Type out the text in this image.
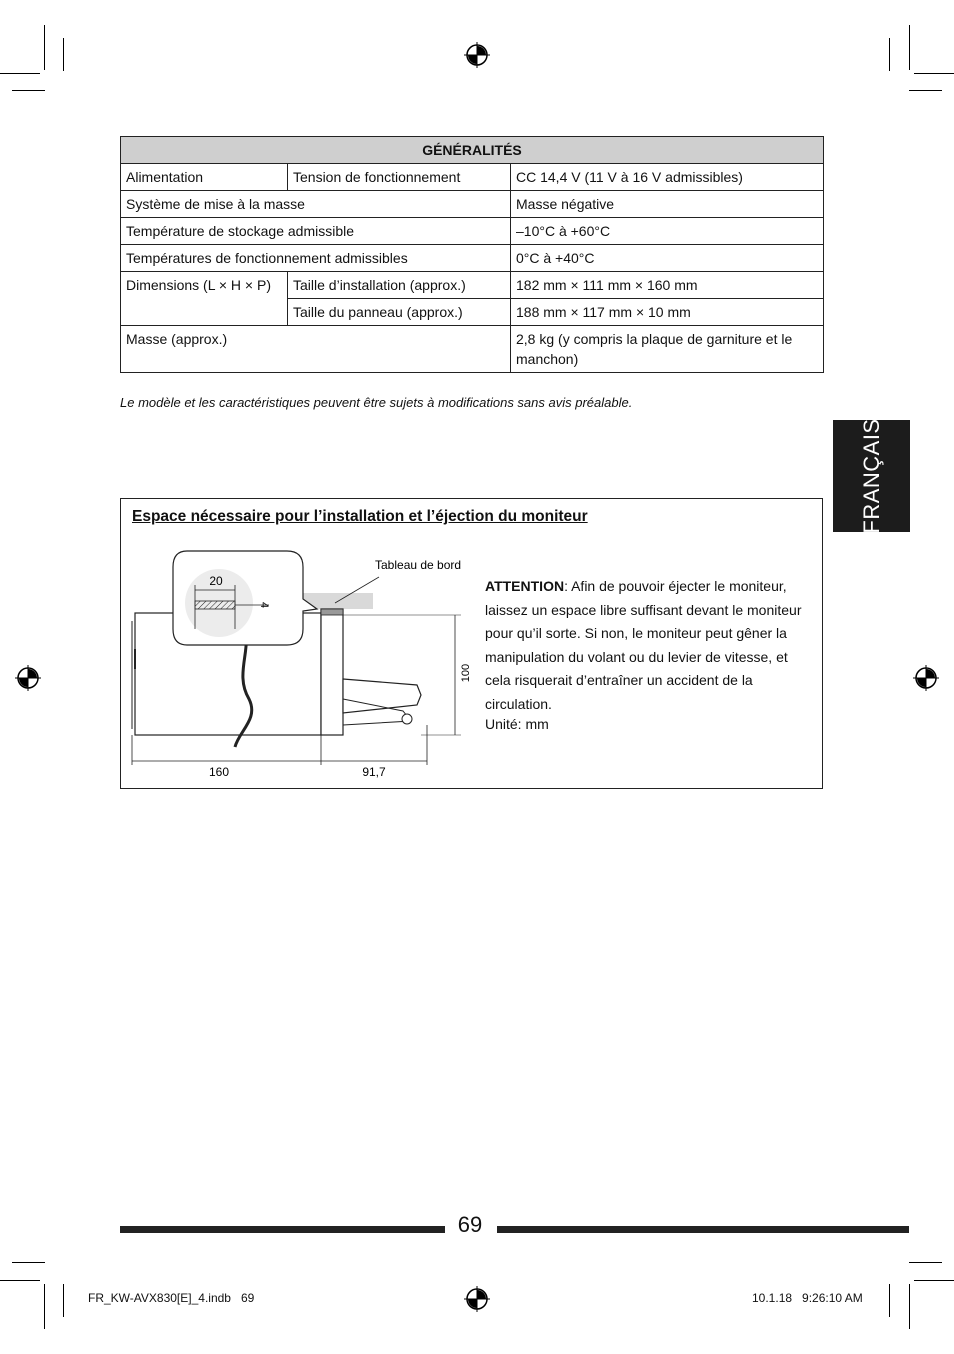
GÉNÉRALITÉS		
Alimentation	Tension de fonctionnement	CC 14,4 V (11 V à 16 V admissibles)
Système de mise à la masse		Masse négative
Température de stockage admissible		–10°C à +60°C
Températures de fonctionnement admissibles		0°C à +40°C
Dimensions (L × H × P)	Taille d’installation (approx.)	182 mm × 111 mm × 160 mm
	Taille du panneau (approx.)	188 mm × 117 mm × 10 mm
Masse (approx.)		2,8 kg (y compris la plaque de garniture et le manchon)
Le modèle et les caractéristiques peuvent être sujets à modifications sans avis préalable.
FRANÇAIS
Espace nécessaire pour l’installation et l’éjection du moniteur
100
160	91,7
Tableau de bord
20
4
ATTENTION: Afin de pouvoir éjecter le moniteur, laissez un espace libre suffisant devant le moniteur pour qu’il sorte. Si non, le moniteur peut gêner la manipulation du volant ou du levier de vitesse, et cela risquerait d’entraîner un accident de la circulation.
Unité: mm
69
FR_KW-AVX830[E]_4.indb   69	10.1.18   9:26:10 AM
